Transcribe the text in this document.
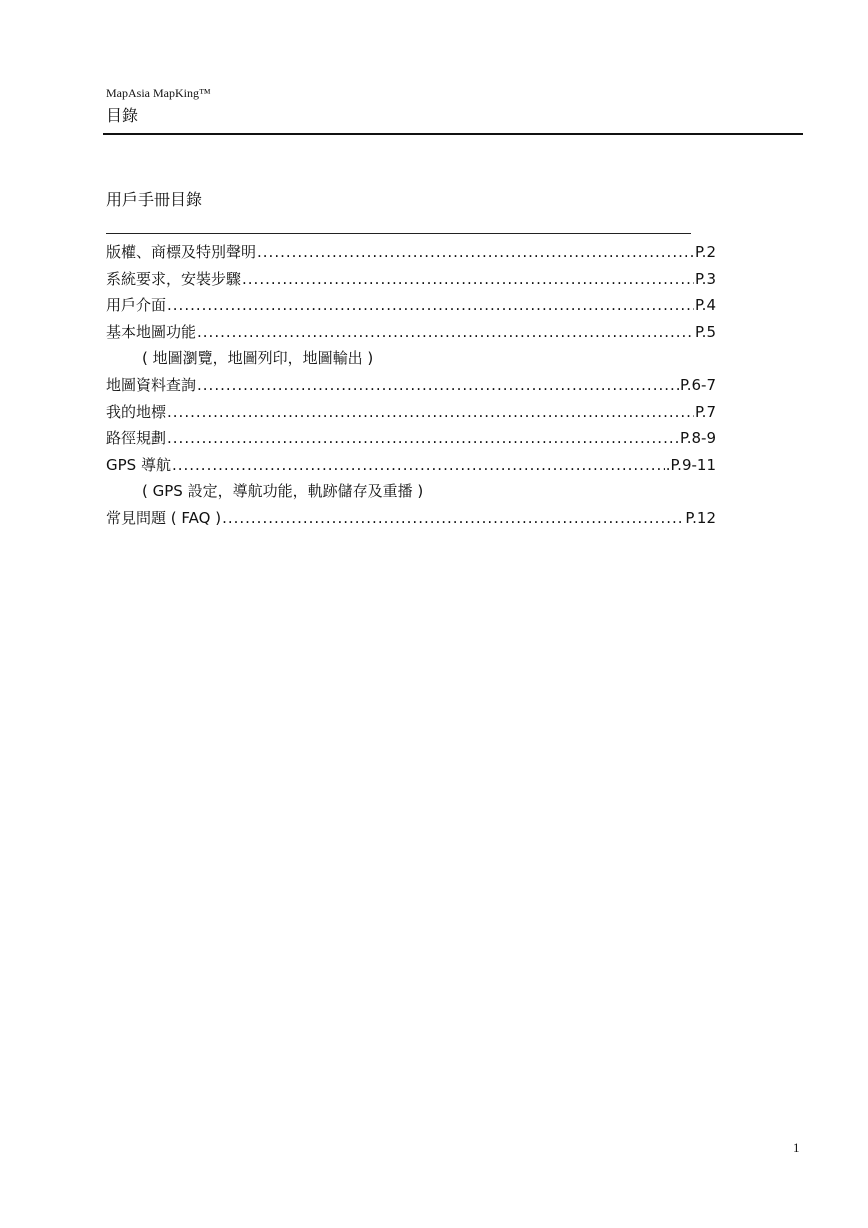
MapAsia MapKing™
目錄
用戶手冊目錄
版權、商標及特別聲明 .....	P.2
系統要求，安裝步驟 .....	P.3
用戶介面 .....	P.4
基本地圖功能 .....	P.5
( 地圖瀏覽，地圖列印，地圖輸出 )
地圖資料查詢 .....	P.6-7
我的地標 .....	P.7
路徑規劃 .....	P.8-9
GPS 導航 .....	.P.9-11
( GPS 設定，導航功能，軌跡儲存及重播 )
常見問題 ( FAQ ) .....	P.12
1
